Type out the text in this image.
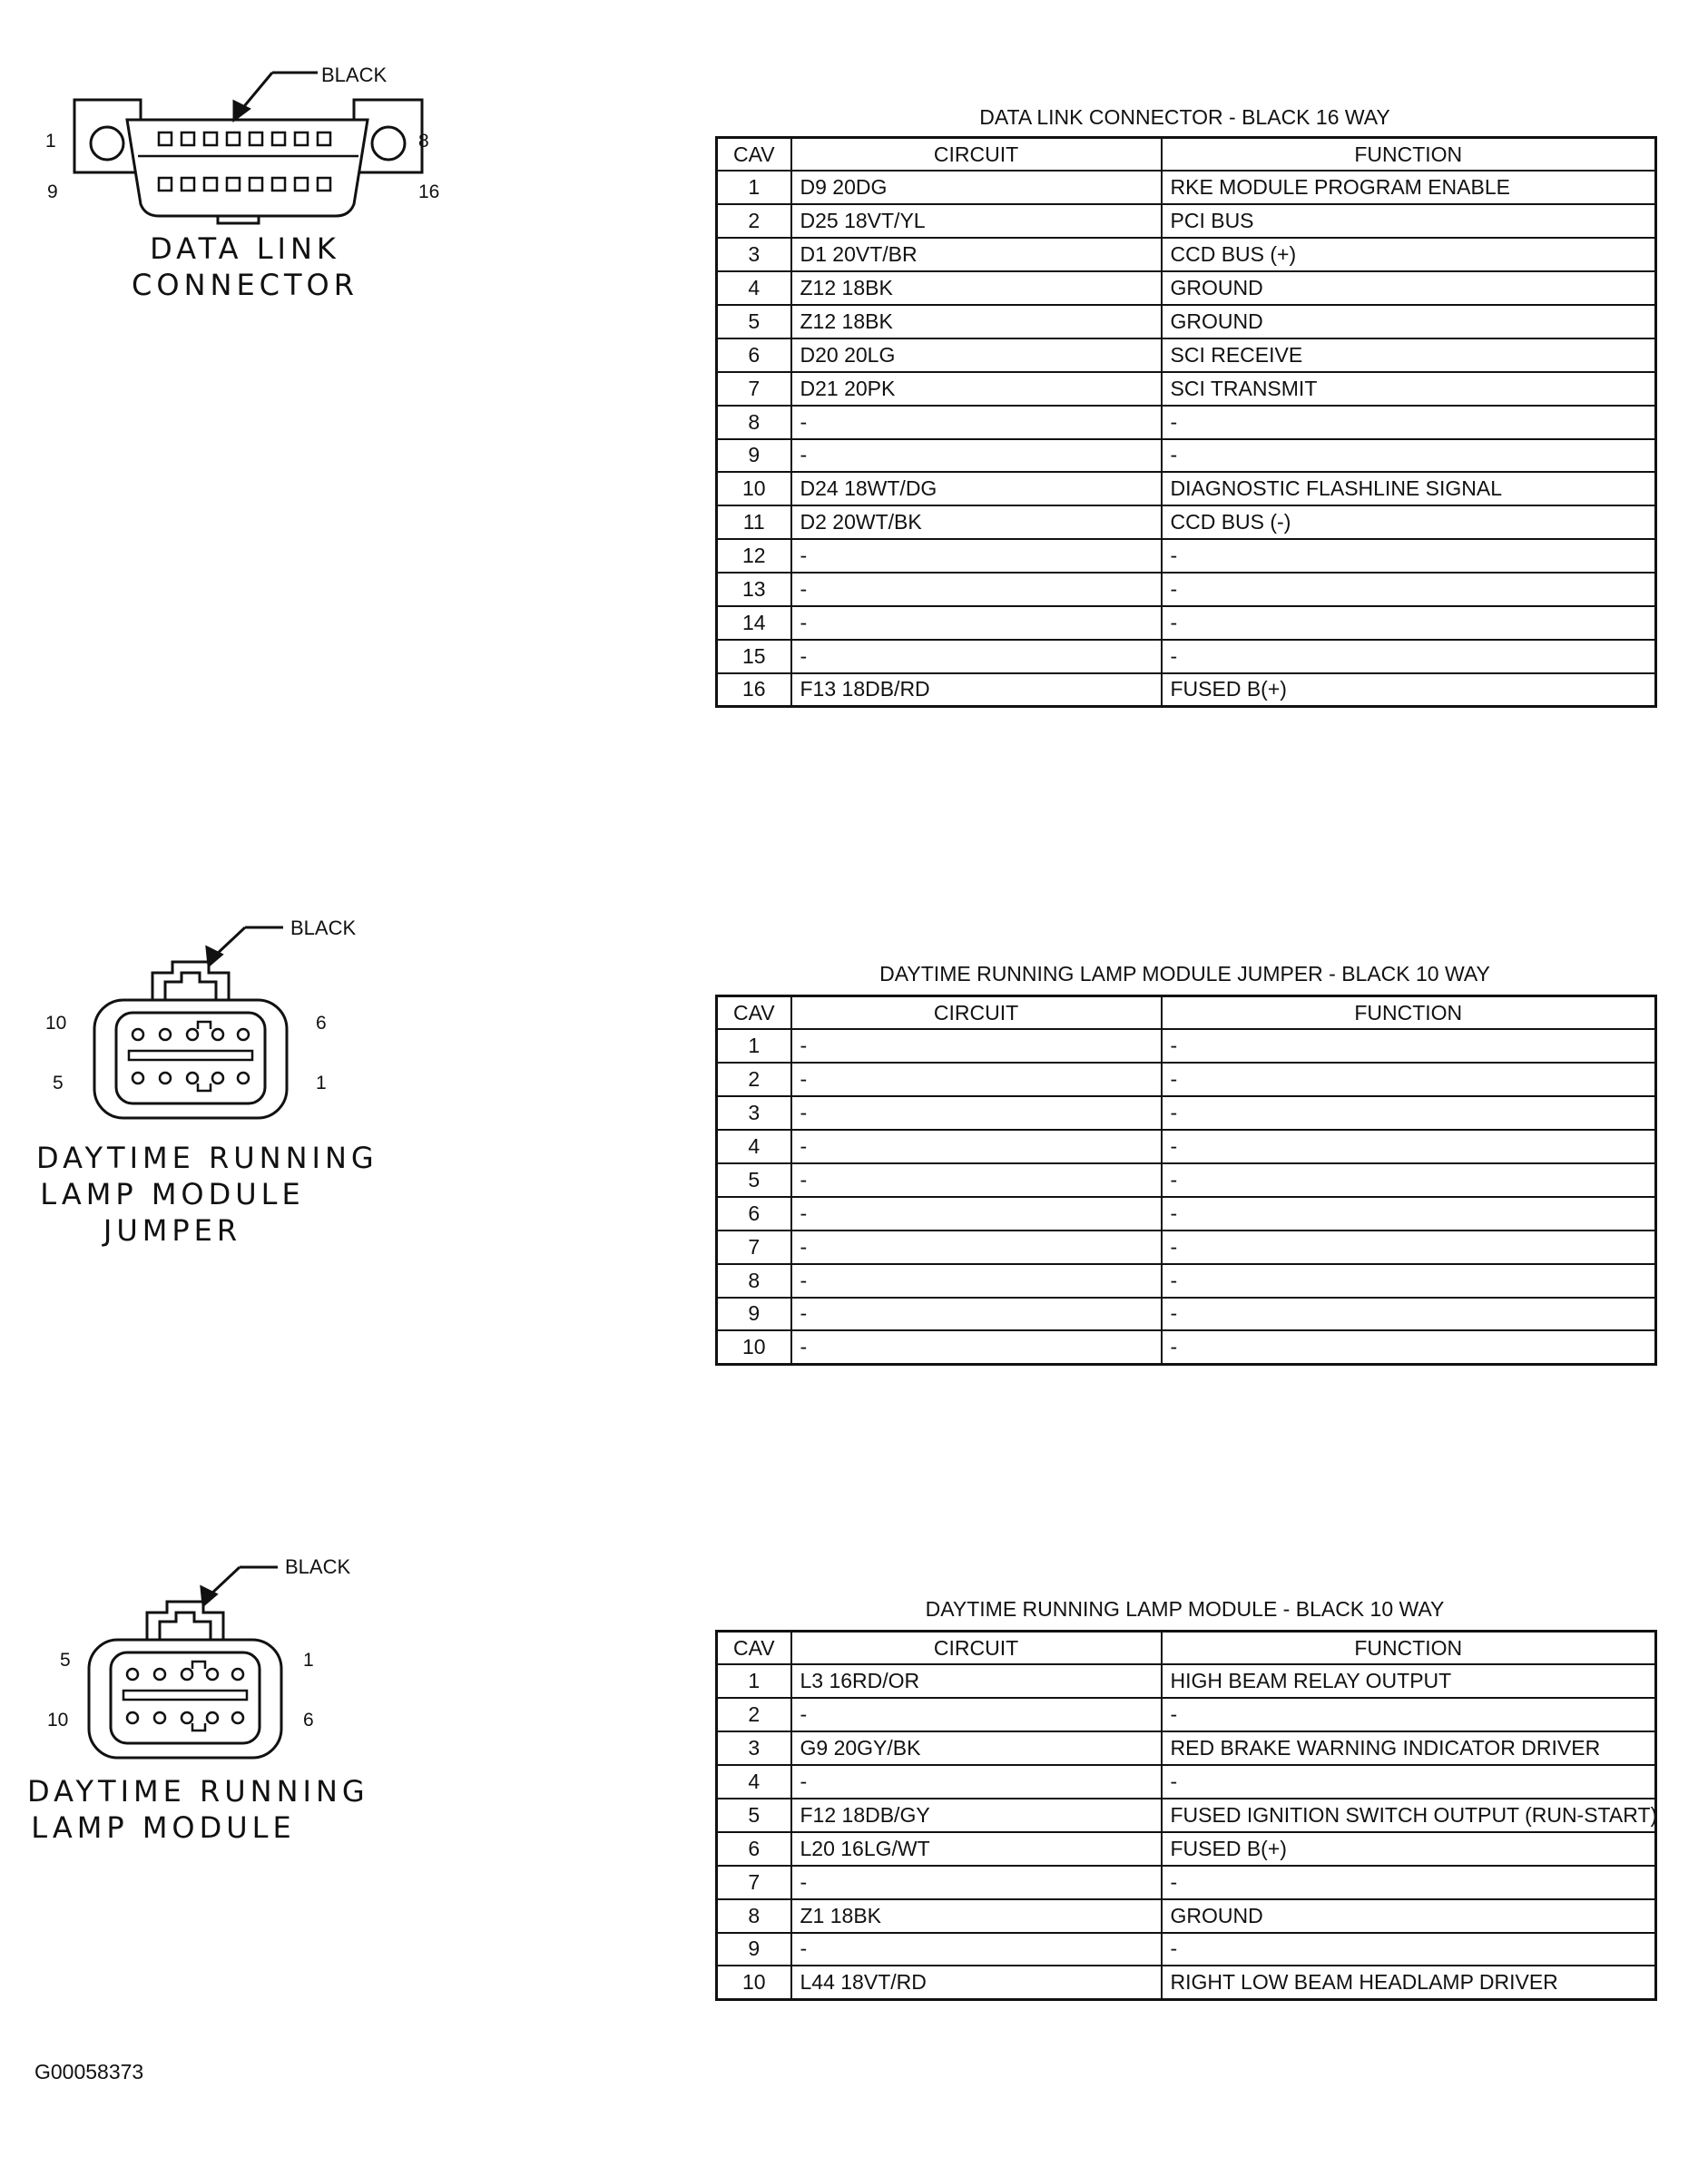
BLACK
1	8
9	16
DATA LINK
CONNECTOR
DATA LINK CONNECTOR - BLACK 16 WAY
CAV	CIRCUIT	FUNCTION
1	D9 20DG	RKE MODULE PROGRAM ENABLE
2	D25 18VT/YL	PCI BUS
3	D1 20VT/BR	CCD BUS (+)
4	Z12 18BK	GROUND
5	Z12 18BK	GROUND
6	D20 20LG	SCI RECEIVE
7	D21 20PK	SCI TRANSMIT
8	-	-
9	-	-
10	D24 18WT/DG	DIAGNOSTIC FLASHLINE SIGNAL
11	D2 20WT/BK	CCD BUS (-)
12	-	-
13	-	-
14	-	-
15	-	-
16	F13 18DB/RD	FUSED B(+)
BLACK
10	6
5	1
DAYTIME RUNNING
LAMP MODULE
JUMPER
DAYTIME RUNNING LAMP MODULE JUMPER - BLACK 10 WAY
CAV	CIRCUIT	FUNCTION
1	-	-
2	-	-
3	-	-
4	-	-
5	-	-
6	-	-
7	-	-
8	-	-
9	-	-
10	-	-
BLACK
5	1
10	6
DAYTIME RUNNING
LAMP MODULE
DAYTIME RUNNING LAMP MODULE - BLACK 10 WAY
CAV	CIRCUIT	FUNCTION
1	L3 16RD/OR	HIGH BEAM RELAY OUTPUT
2	-	-
3	G9 20GY/BK	RED BRAKE WARNING INDICATOR DRIVER
4	-	-
5	F12 18DB/GY	FUSED IGNITION SWITCH OUTPUT (RUN-START)
6	L20 16LG/WT	FUSED B(+)
7	-	-
8	Z1 18BK	GROUND
9	-	-
10	L44 18VT/RD	RIGHT LOW BEAM HEADLAMP DRIVER
G00058373
